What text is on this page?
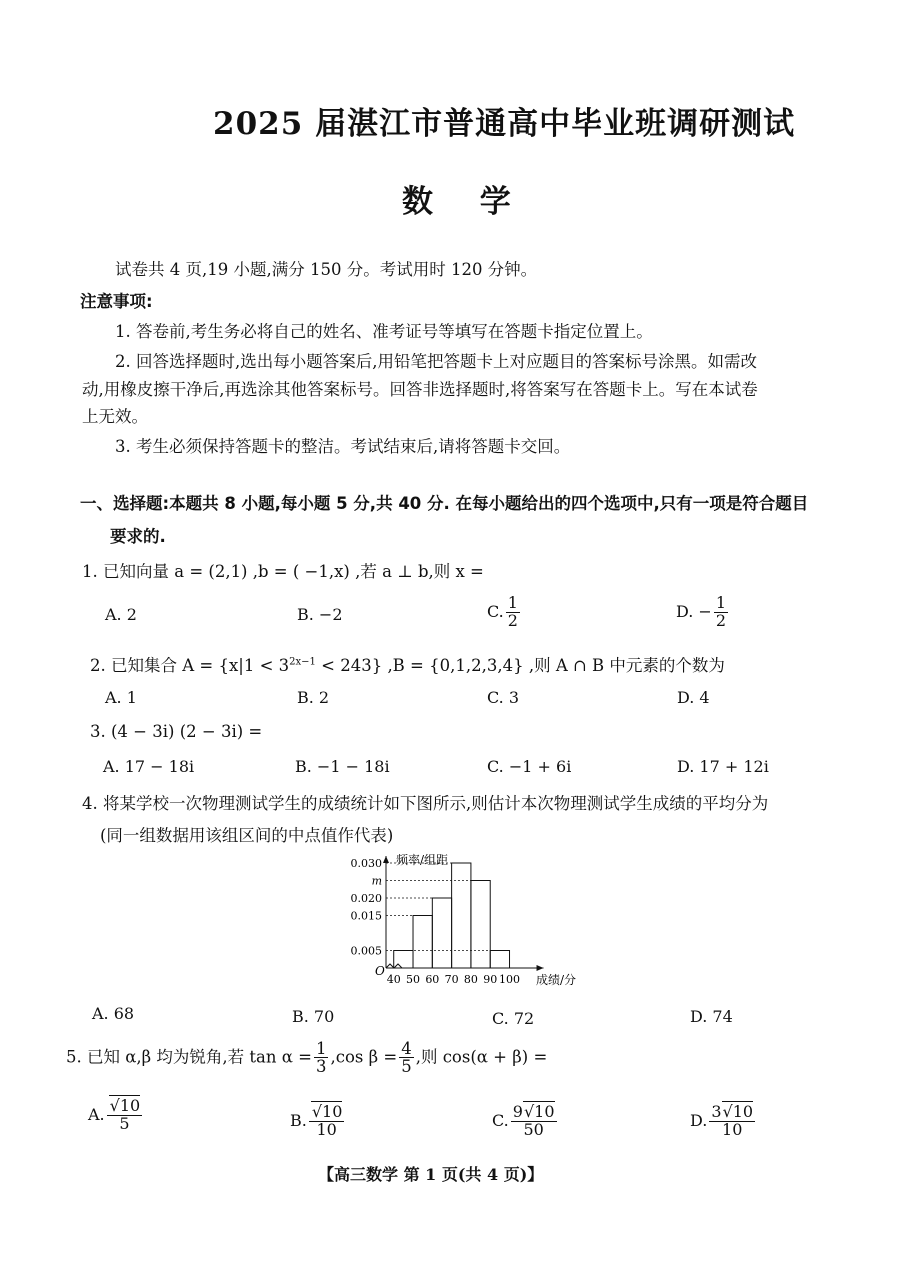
2025 届湛江市普通高中毕业班调研测试
数 学
试卷共 4 页,19 小题,满分 150 分。考试用时 120 分钟。
注意事项:
1. 答卷前,考生务必将自己的姓名、准考证号等填写在答题卡指定位置上。
2. 回答选择题时,选出每小题答案后,用铅笔把答题卡上对应题目的答案标号涂黑。如需改
动,用橡皮擦干净后,再选涂其他答案标号。回答非选择题时,将答案写在答题卡上。写在本试卷
上无效。
3. 考生必须保持答题卡的整洁。考试结束后,请将答题卡交回。
一、选择题:本题共 8 小题,每小题 5 分,共 40 分. 在每小题给出的四个选项中,只有一项是符合题目
要求的.
1. 已知向量 a = (2,1) ,b = ( −1,x) ,若 a ⊥ b,则 x =
A. 2	B. −2	C. $\frac{1}{2}$	D. − $\frac{1}{2}$
2. 已知集合 $A = \{x|1 < 3^{2x-1} < 243\}$ ,B = {0,1,2,3,4} ,则 A ∩ B 中元素的个数为
A. 1	B. 2	C. 3	D. 4
3. (4 − 3i) (2 − 3i) =
A. 17 − 18i	B. −1 − 18i	C. −1 + 6i	D. 17 + 12i
4. 将某学校一次物理测试学生的成绩统计如下图所示,则估计本次物理测试学生成绩的平均分为
(同一组数据用该组区间的中点值作代表)
0.005
0.015
0.020
m
0.030
40 50 60 70 80 90 100
频率/组距
成绩/分
O
A. 68	B. 70	C. 72	D. 74
5. 已知 α,β 均为锐角,若 $\tan \alpha = \frac{1}{3} ,\cos$ $\beta = \frac{4}{5}$ ,则 cos(α + β) =
A. $\frac{√10}{5}$	B. $\frac{√10}{10}$	C. $\frac{9√10}{50}$	D. $\frac{3√10}{10}$
【高三数学 第 1 页(共 4 页)】
